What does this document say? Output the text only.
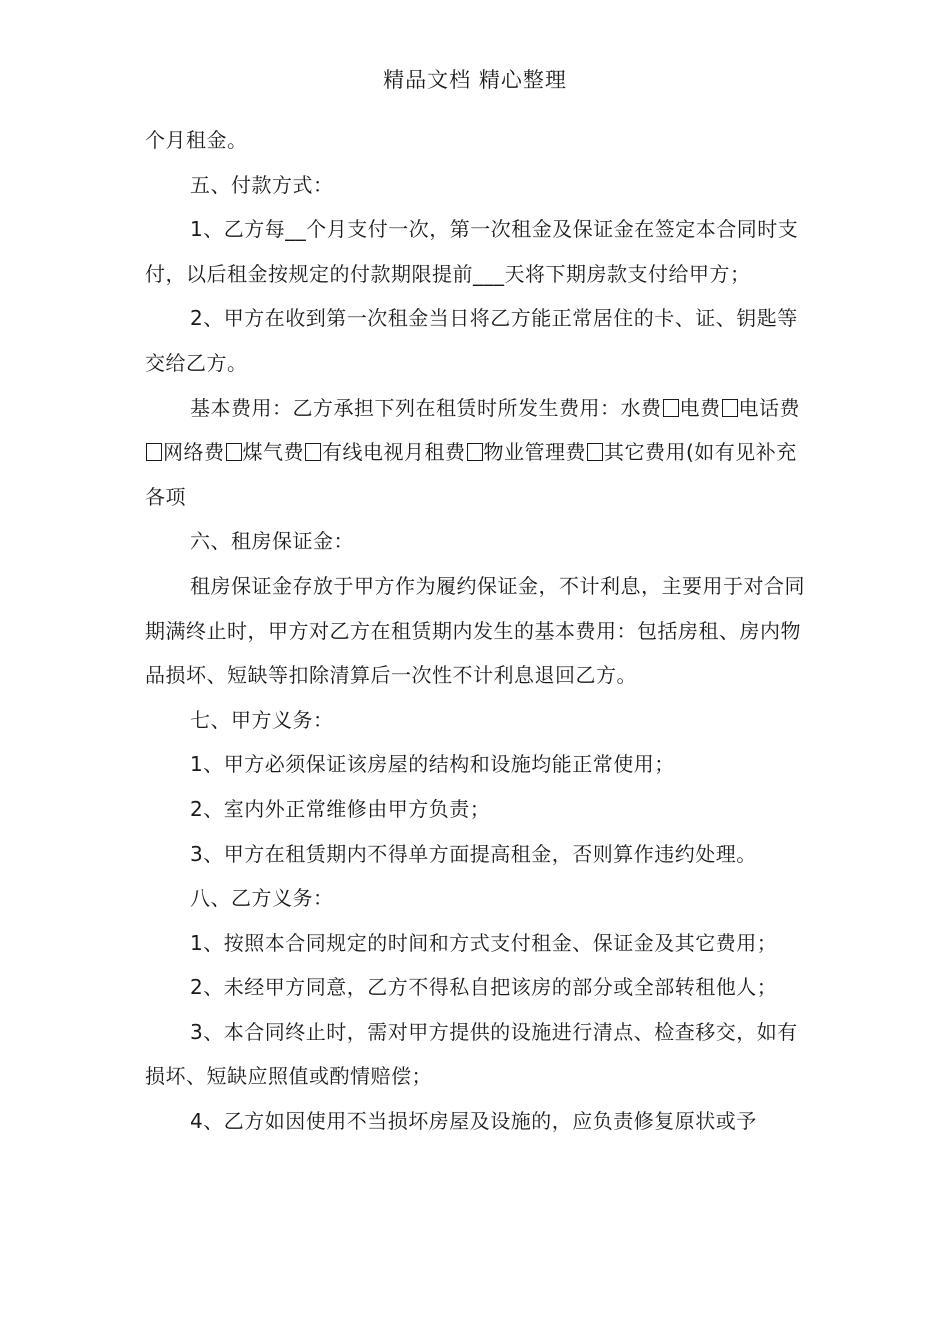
精品文档 精心整理

个月租金。

五、付款方式：

1、乙方每__个月支付一次，第一次租金及保证金在签定本合同时支付，以后租金按规定的付款期限提前___天将下期房款支付给甲方；

2、甲方在收到第一次租金当日将乙方能正常居住的卡、证、钥匙等交给乙方。

基本费用：乙方承担下列在租赁时所发生费用：水费 电费 电话费网络费 煤气费 有线电视月租费 物业管理费 其它费用(如有见补充各项

六、租房保证金：

租房保证金存放于甲方作为履约保证金，不计利息，主要用于对合同期满终止时，甲方对乙方在租赁期内发生的基本费用：包括房租、房内物品损坏、短缺等扣除清算后一次性不计利息退回乙方。

七、甲方义务：

1、甲方必须保证该房屋的结构和设施均能正常使用；

2、室内外正常维修由甲方负责；

3、甲方在租赁期内不得单方面提高租金，否则算作违约处理。

八、乙方义务：

1、按照本合同规定的时间和方式支付租金、保证金及其它费用；

2、未经甲方同意，乙方不得私自把该房的部分或全部转租他人；

3、本合同终止时，需对甲方提供的设施进行清点、检查移交，如有损坏、短缺应照值或酌情赔偿；

4、乙方如因使用不当损坏房屋及设施的，应负责修复原状或予
